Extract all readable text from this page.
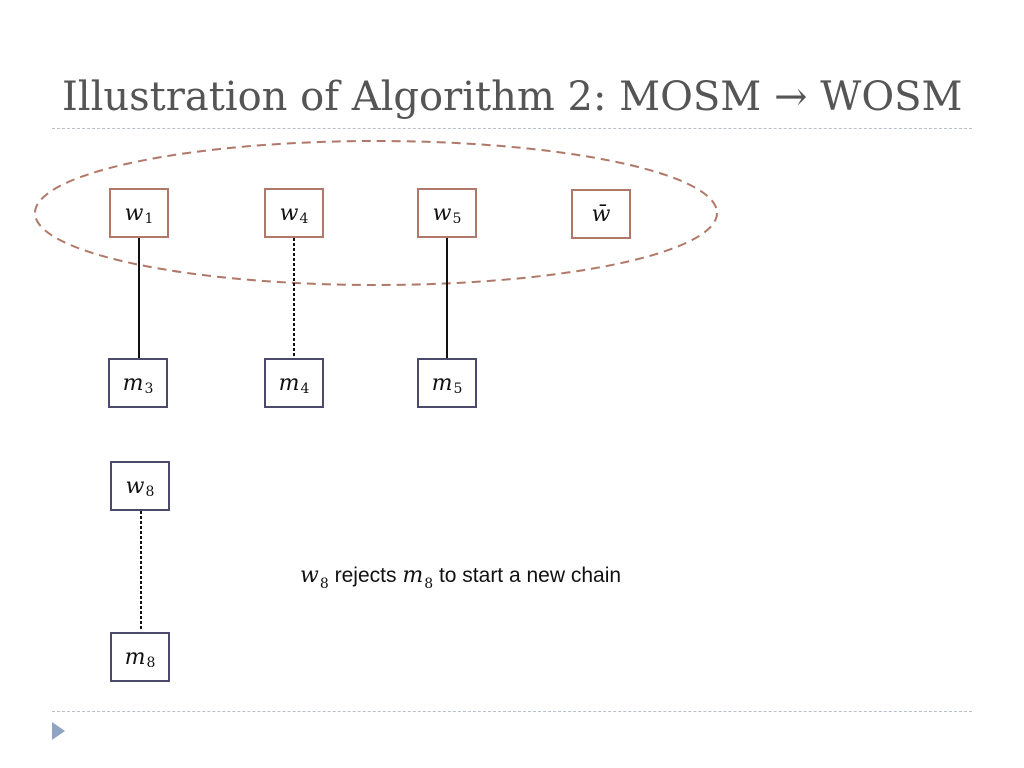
Illustration of Algorithm 2: MOSM → WOSM
w 1	w 4	w 5	w̄
m 3	m 4	m 5
w 8
m 8
$w_8$ rejects $m_8$ to start a new chain
